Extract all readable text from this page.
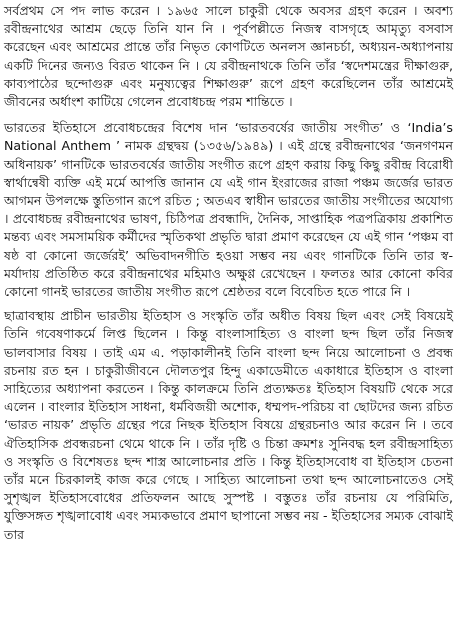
সর্বপ্রথম সে পদ লাভ করেন । ১৯৬৫ সালে চাকুরী থেকে অবসর গ্রহণ করেন । অবশ্য রবীন্দ্রনাথের আশ্রম ছেড়ে তিনি যান নি । পূর্বপল্লীতে নিজস্ব বাসগৃহে আমৃত্যু বসবাস করেছেন এবং আশ্রমের প্রান্তে তাঁর নিভৃত কোণটিতে অনলস জ্ঞানচর্চা, অধ্যয়ন-অধ্যাপনায় একটি দিনের জন্যও বিরত থাকেন নি । যে রবীন্দ্রনাথকে তিনি তাঁর ‘স্বদেশমন্ত্রের দীক্ষাগুরু, কাব্যপাঠের ছন্দোগুরু এবং মনুষ্যত্বের শিক্ষাগুরু’ রূপে গ্রহণ করেছিলেন তাঁর আশ্রমেই জীবনের অর্ধাংশ কাটিয়ে গেলেন প্রবোধচন্দ্র পরম শান্তিতে ।

ভারতের ইতিহাসে প্রবোধচন্দ্রের বিশেষ দান ‘ভারতবর্ষের জাতীয় সংগীত’ ও ‘India’s National Anthem ’ নামক গ্রন্থদ্বয় (১৩৫৬/১৯৪৯) । এই গ্রন্থে রবীন্দ্রনাথের ‘জনগণমন অধিনায়ক’ গানটিকে ভারতবর্ষের জাতীয় সংগীত রূপে গ্রহণ করায় কিছু কিছু রবীন্দ্র বিরোধী স্বার্থান্বেষী ব্যক্তি এই মর্মে আপত্তি জানান যে এই গান ইংরাজের রাজা পঞ্চম জর্জের ভারত আগমন উপলক্ষে স্তুতিগান রূপে রচিত ; অতএব স্বাধীন ভারতের জাতীয় সংগীতের অযোগ্য । প্রবোধচন্দ্র রবীন্দ্রনাথের ভাষণ, চিঠিপত্র প্রবন্ধাদি, দৈনিক, সাপ্তাহিক পত্রপত্রিকায় প্রকাশিত মন্তব্য এবং সমসাময়িক কর্মীদের স্মৃতিকথা প্রভৃতি দ্বারা প্রমাণ করেছেন যে এই গান ‘পঞ্চম বা ষষ্ঠ বা কোনো জর্জেরই’ অভিবাদনগীতি হওয়া সম্ভব নয় এবং গানটিকে তিনি তার স্ব-মর্যাদায় প্রতিষ্ঠিত করে রবীন্দ্রনাথের মহিমাও অক্ষুণ্ণ রেখেছেন । ফলতঃ আর কোনো কবির কোনো গানই ভারতের জাতীয় সংগীত রূপে শ্রেষ্ঠতর বলে বিবেচিত হতে পারে নি ।

ছাত্রাবস্থায় প্রাচীন ভারতীয় ইতিহাস ও সংস্কৃতি তাঁর অধীত বিষয় ছিল এবং সেই বিষয়েই তিনি গবেষণাকর্মে লিপ্ত ছিলেন । কিন্তু বাংলাসাহিত্য ও বাংলা ছন্দ ছিল তাঁর নিজস্ব ভালবাসার বিষয় । তাই এম এ. পড়াকালীনই তিনি বাংলা ছন্দ নিয়ে আলোচনা ও প্রবন্ধ রচনায় রত হন । চাকুরীজীবনে দৌলতপুর হিন্দু একাডেমীতে একাধারে ইতিহাস ও বাংলা সাহিত্যের অধ্যাপনা করতেন । কিন্তু কালক্রমে তিনি প্রত্যক্ষতঃ ইতিহাস বিষয়টি থেকে সরে এলেন । বাংলার ইতিহাস সাধনা, ধর্মবিজয়ী অশোক, ধম্মপদ-পরিচয় বা ছোটদের জন্য রচিত ‘ভারত নায়ক’ প্রভৃতি গ্রন্থের পরে নিছক ইতিহাস বিষয়ে গ্রন্থরচনাও আর করেন নি । তবে ঐতিহাসিক প্রবন্ধরচনা থেমে থাকে নি । তাঁর দৃষ্টি ও চিন্তা ক্রমশঃ সুনিবদ্ধ হল রবীন্দ্রসাহিত্য ও সংস্কৃতি ও বিশেষতঃ ছন্দ শাস্ত্র আলোচনার প্রতি । কিন্তু ইতিহাসবোধ বা ইতিহাস চেতনা তাঁর মনে চিরকালই কাজ করে গেছে । সাহিত্য আলোচনা তথা ছন্দ আলোচনাতেও সেই সুশৃঙ্খল ইতিহাসবোধের প্রতিফলন আছে সুস্পষ্ট । বস্তুতঃ তাঁর রচনায় যে পরিমিতি, যুক্তিসঙ্গত শৃঙ্খলাবোধ এবং সম্যকভাবে প্রমাণ ছাপানো সম্ভব নয় - ইতিহাসের সম্যক বোঝাই তার
